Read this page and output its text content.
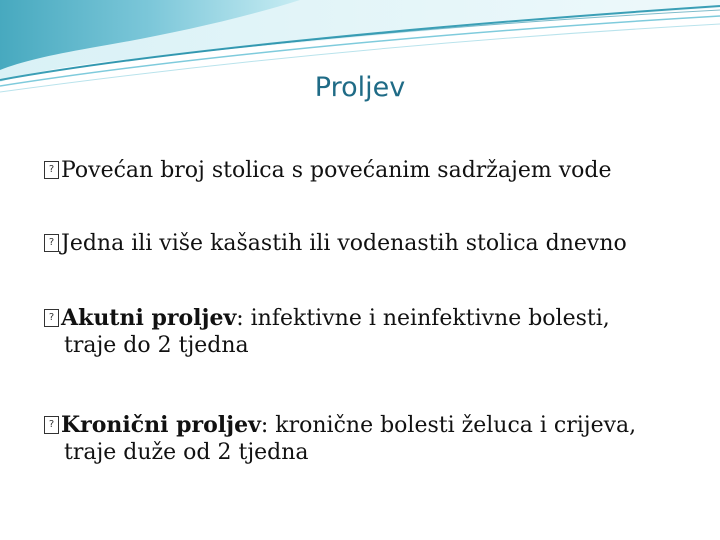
Proljev
?Povećan broj stolica s povećanim sadržajem vode
?Jedna ili više kašastih ili vodenastih stolica dnevno
?Akutni proljev: infektivne i neinfektivne bolesti,
traje do 2 tjedna
?Kronični proljev: kronične bolesti želuca i crijeva,
traje duže od 2 tjedna
